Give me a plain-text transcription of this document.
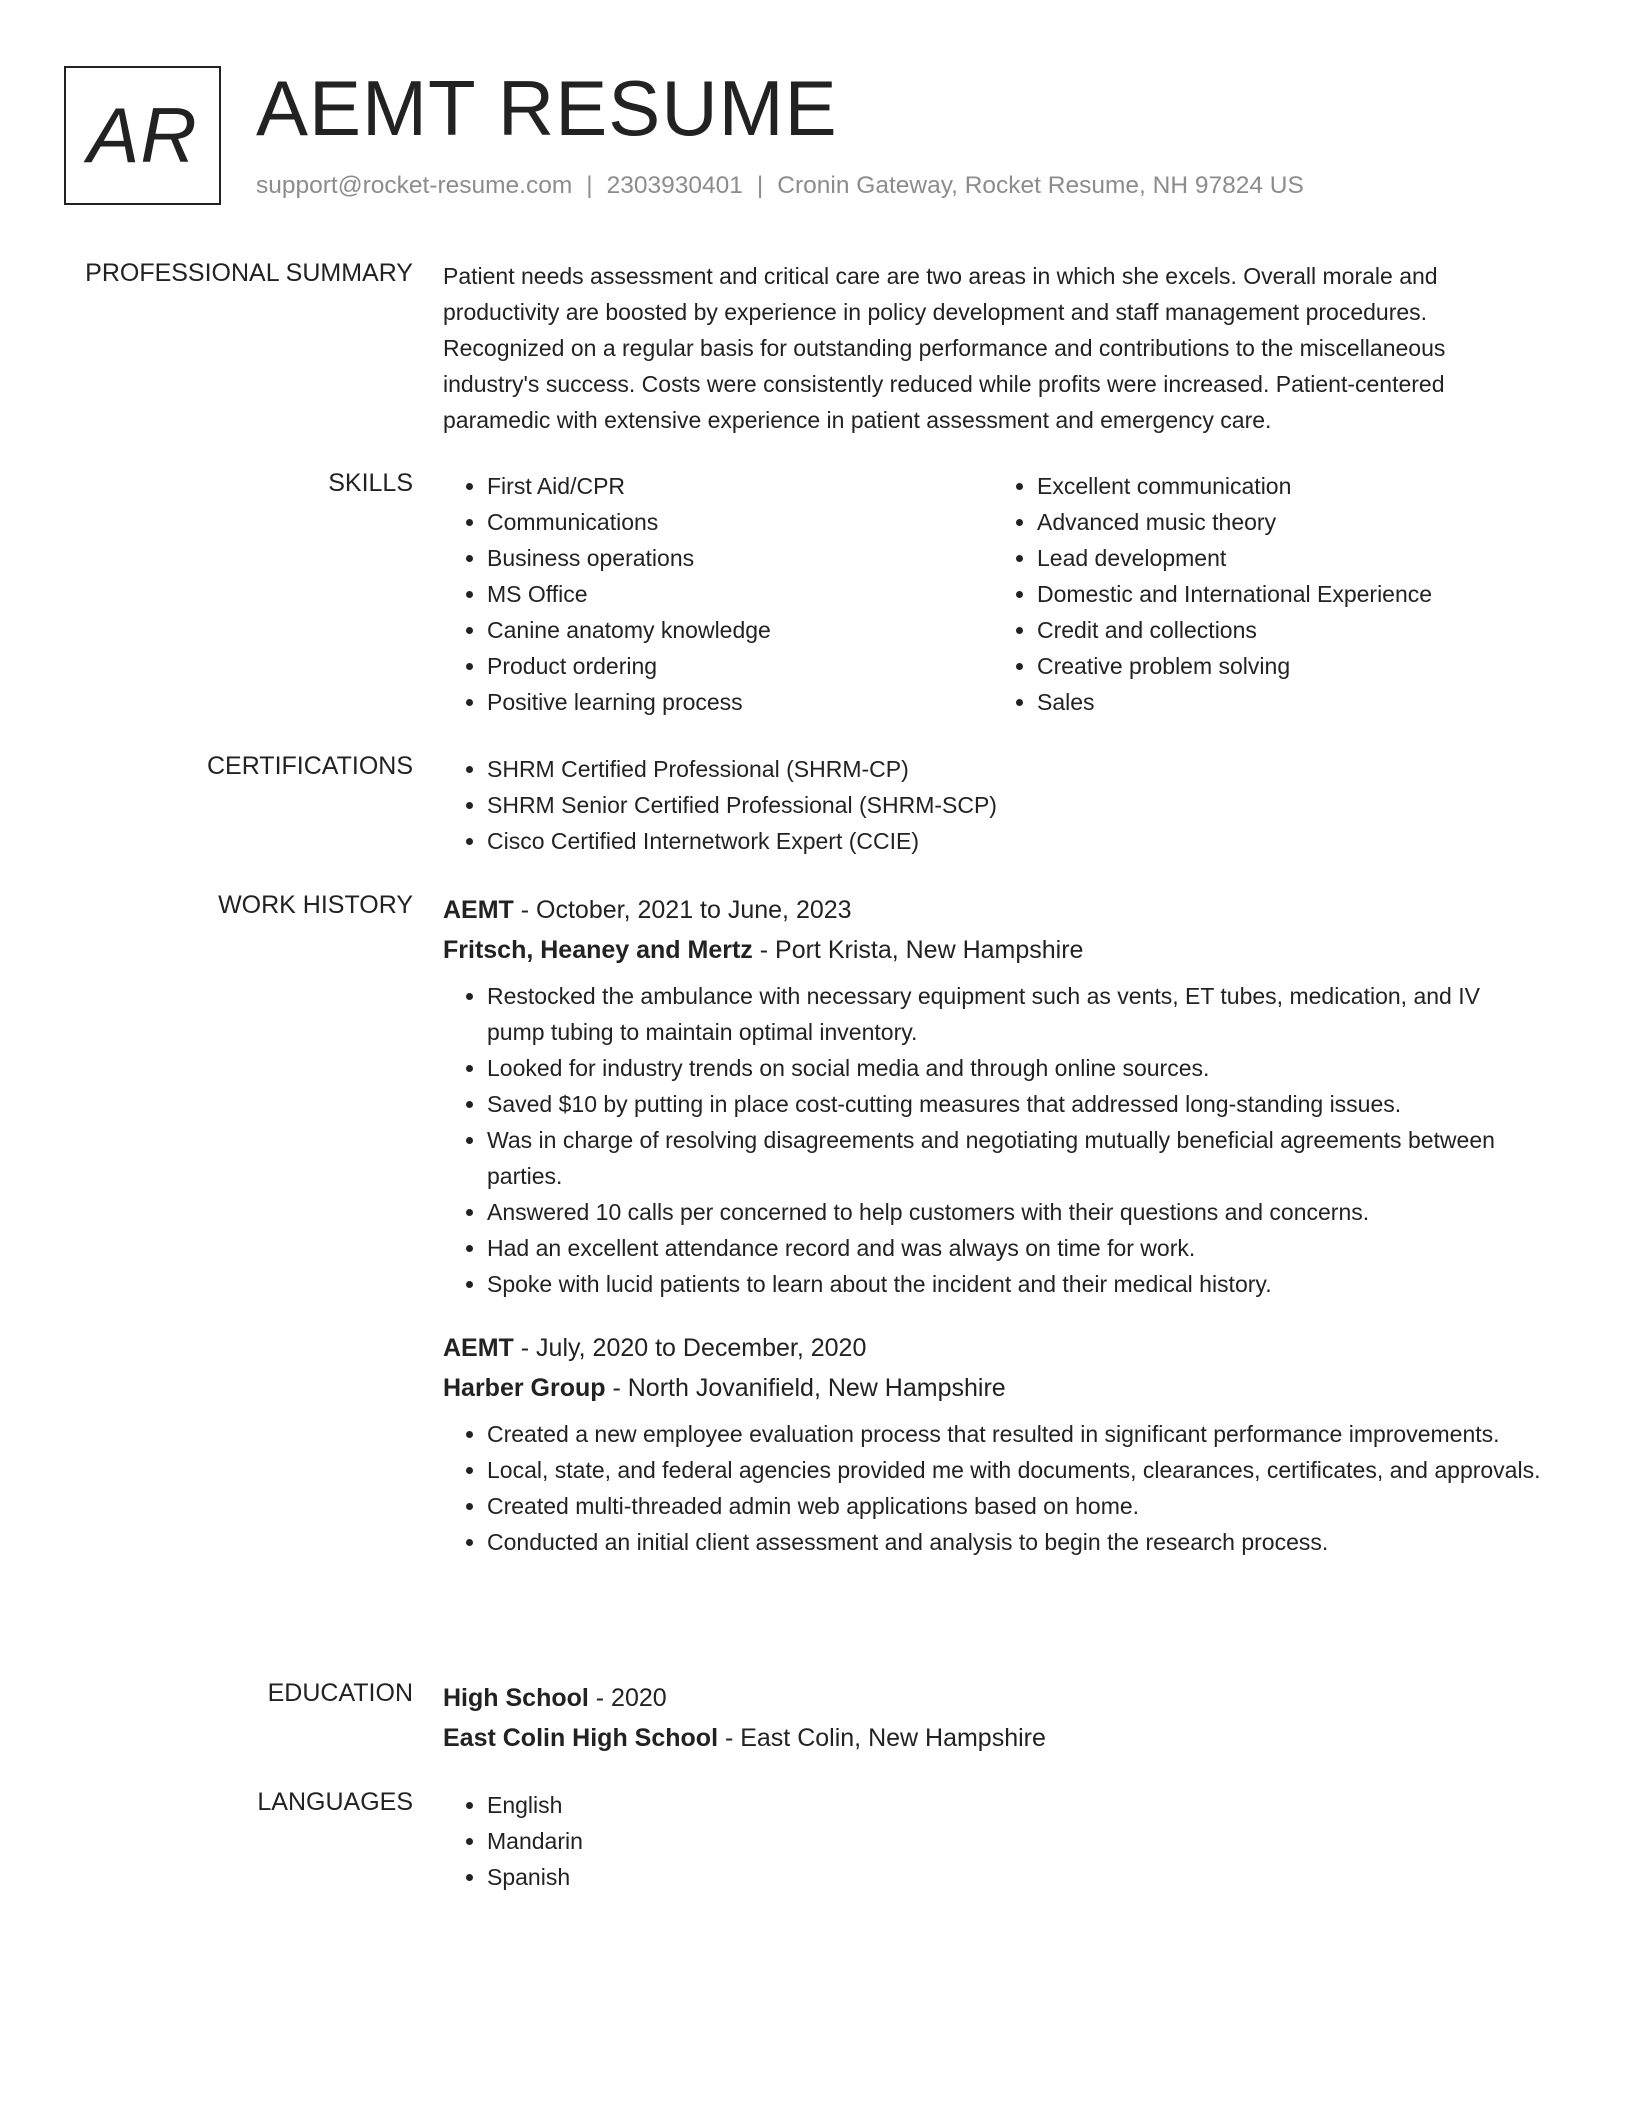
AR AEMT RESUME
support@rocket-resume.com | 2303930401 | Cronin Gateway, Rocket Resume, NH 97824 US
PROFESSIONAL SUMMARY Patient needs assessment and critical care are two areas in which she excels. Overall morale and productivity are boosted by experience in policy development and staff management procedures. Recognized on a regular basis for outstanding performance and contributions to the miscellaneous industry's success. Costs were consistently reduced while profits were increased. Patient-centered paramedic with extensive experience in patient assessment and emergency care.
SKILLS	• First Aid/CPR
• Communications
• Business operations
• MS Office
• Canine anatomy knowledge
• Product ordering
• Positive learning process
• Excellent communication
• Advanced music theory
• Lead development
• Domestic and International Experience
• Credit and collections
• Creative problem solving
• Sales
CERTIFICATIONS	• SHRM Certified Professional (SHRM-CP)
• SHRM Senior Certified Professional (SHRM-SCP)
• Cisco Certified Internetwork Expert (CCIE)
WORK HISTORY AEMT - October, 2021 to June, 2023
Fritsch, Heaney and Mertz - Port Krista, New Hampshire
• Restocked the ambulance with necessary equipment such as vents, ET tubes, medication, and IV pump tubing to maintain optimal inventory.
• Looked for industry trends on social media and through online sources.
• Saved $10 by putting in place cost-cutting measures that addressed long-standing issues.
• Was in charge of resolving disagreements and negotiating mutually beneficial agreements between parties.
• Answered 10 calls per concerned to help customers with their questions and concerns.
• Had an excellent attendance record and was always on time for work.
• Spoke with lucid patients to learn about the incident and their medical history.
AEMT - July, 2020 to December, 2020
Harber Group - North Jovanifield, New Hampshire
• Created a new employee evaluation process that resulted in significant performance improvements.
• Local, state, and federal agencies provided me with documents, clearances, certificates, and approvals.
• Created multi-threaded admin web applications based on home.
• Conducted an initial client assessment and analysis to begin the research process.
EDUCATION High School - 2020
East Colin High School - East Colin, New Hampshire
LANGUAGES	• English
• Mandarin
• Spanish
